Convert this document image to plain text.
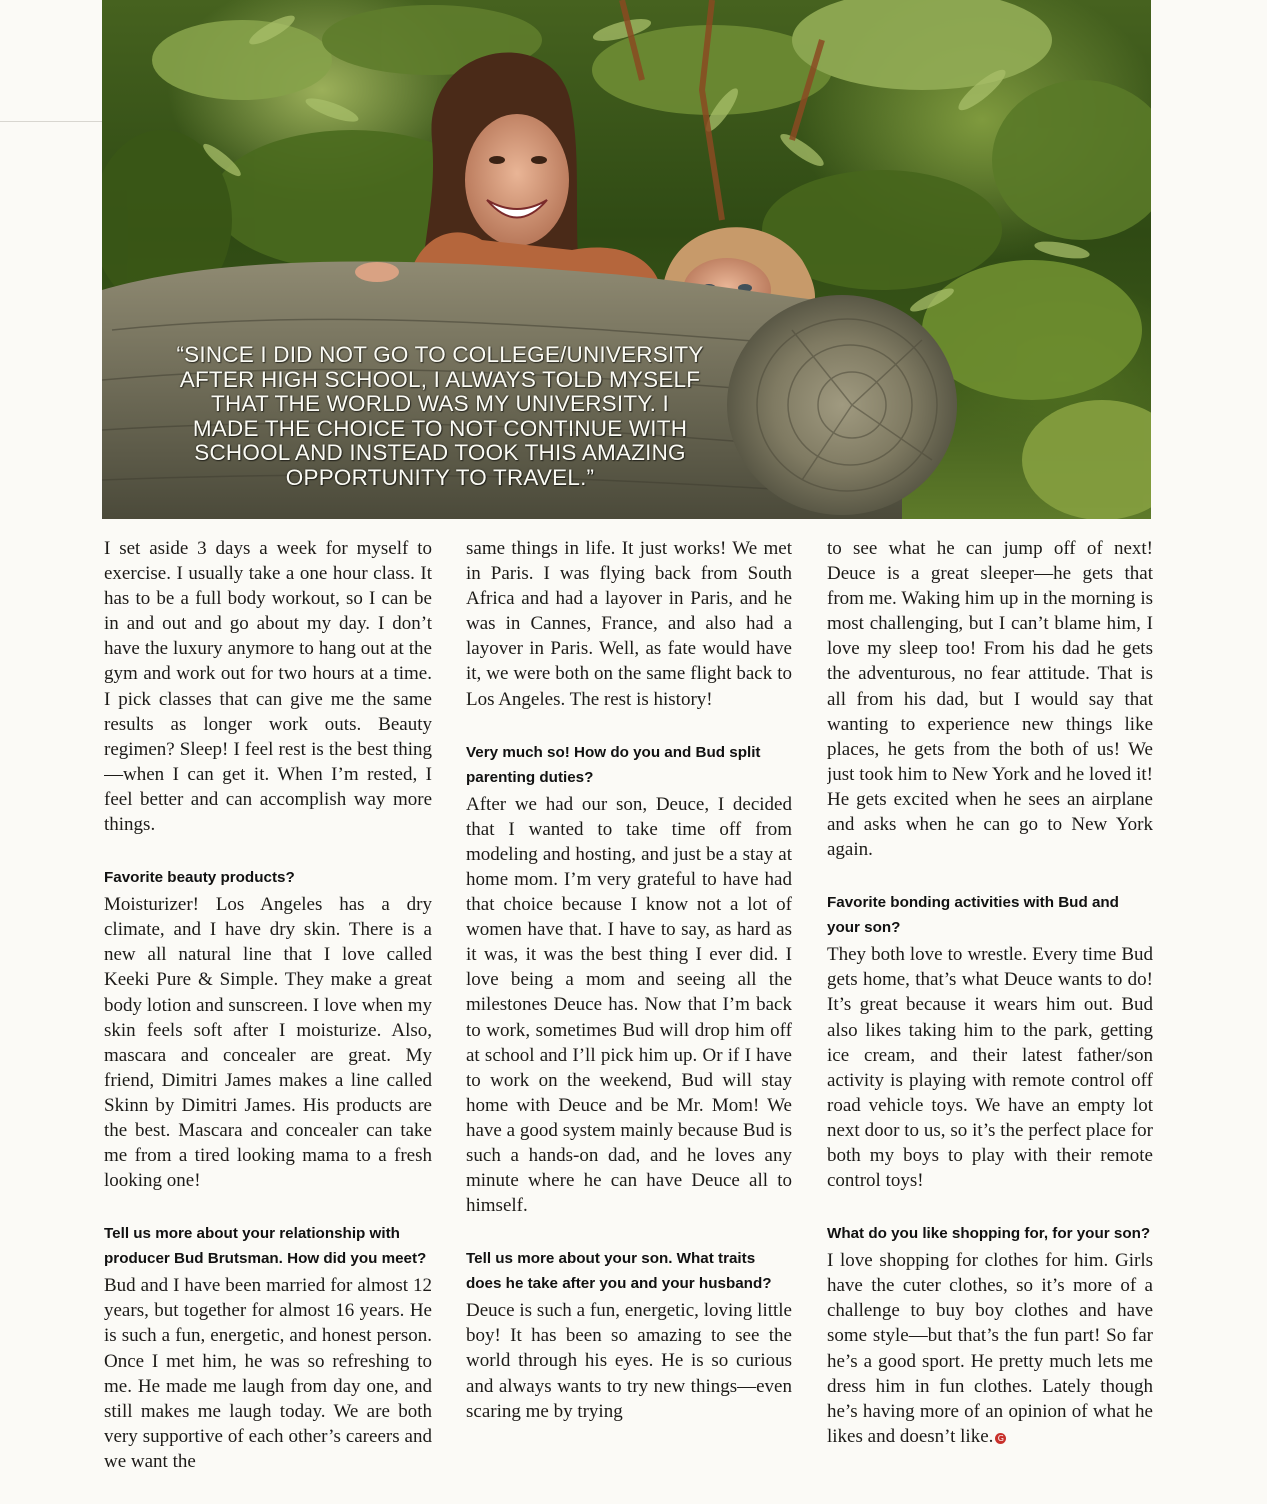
“SINCE I DID NOT GO TO COLLEGE/UNIVERSITY
AFTER HIGH SCHOOL, I ALWAYS TOLD MYSELF
THAT THE WORLD WAS MY UNIVERSITY. I
MADE THE CHOICE TO NOT CONTINUE WITH
SCHOOL AND INSTEAD TOOK THIS AMAZING
OPPORTUNITY TO TRAVEL.”

I set aside 3 days a week for myself to exercise. I usually take a one hour class. It has to be a full body workout, so I can be in and out and go about my day. I don’t have the luxury anymore to hang out at the gym and work out for two hours at a time. I pick classes that can give me the same results as longer work outs. Beauty regimen? Sleep! I feel rest is the best thing—when I can get it. When I’m rested, I feel better and can accomplish way more things.

Favorite beauty products?

Moisturizer! Los Angeles has a dry climate, and I have dry skin. There is a new all natural line that I love called Keeki Pure & Simple. They make a great body lotion and sunscreen. I love when my skin feels soft after I moisturize. Also, mascara and concealer are great. My friend, Dimitri James makes a line called Skinn by Dimitri James. His products are the best. Mascara and concealer can take me from a tired looking mama to a fresh looking one!

Tell us more about your relationship with producer Bud Brutsman. How did you meet?

Bud and I have been married for almost 12 years, but together for almost 16 years. He is such a fun, energetic, and honest person. Once I met him, he was so refreshing to me. He made me laugh from day one, and still makes me laugh today. We are both very supportive of each other’s careers and we want the

same things in life. It just works! We met in Paris. I was flying back from South Africa and had a layover in Paris, and he was in Cannes, France, and also had a layover in Paris. Well, as fate would have it, we were both on the same flight back to Los Angeles. The rest is history!

Very much so! How do you and Bud split parenting duties?

After we had our son, Deuce, I decided that I wanted to take time off from modeling and hosting, and just be a stay at home mom. I’m very grateful to have had that choice because I know not a lot of women have that. I have to say, as hard as it was, it was the best thing I ever did. I love being a mom and seeing all the milestones Deuce has. Now that I’m back to work, sometimes Bud will drop him off at school and I’ll pick him up. Or if I have to work on the weekend, Bud will stay home with Deuce and be Mr. Mom! We have a good system mainly because Bud is such a hands-on dad, and he loves any minute where he can have Deuce all to himself.

Tell us more about your son. What traits does he take after you and your husband?

Deuce is such a fun, energetic, loving little boy! It has been so amazing to see the world through his eyes. He is so curious and always wants to try new things—even scaring me by trying

to see what he can jump off of next! Deuce is a great sleeper—he gets that from me. Waking him up in the morning is most challenging, but I can’t blame him, I love my sleep too! From his dad he gets the adventurous, no fear attitude. That is all from his dad, but I would say that wanting to experience new things like places, he gets from the both of us! We just took him to New York and he loved it! He gets excited when he sees an airplane and asks when he can go to New York again.

Favorite bonding activities with Bud and your son?

They both love to wrestle. Every time Bud gets home, that’s what Deuce wants to do! It’s great because it wears him out. Bud also likes taking him to the park, getting ice cream, and their latest father/son activity is playing with remote control off road vehicle toys. We have an empty lot next door to us, so it’s the perfect place for both my boys to play with their remote control toys!

What do you like shopping for, for your son?

I love shopping for clothes for him. Girls have the cuter clothes, so it’s more of a challenge to buy boy clothes and have some style—but that’s the fun part! So far he’s a good sport. He pretty much lets me dress him in fun clothes. Lately though he’s having more of an opinion of what he likes and doesn’t like. G
